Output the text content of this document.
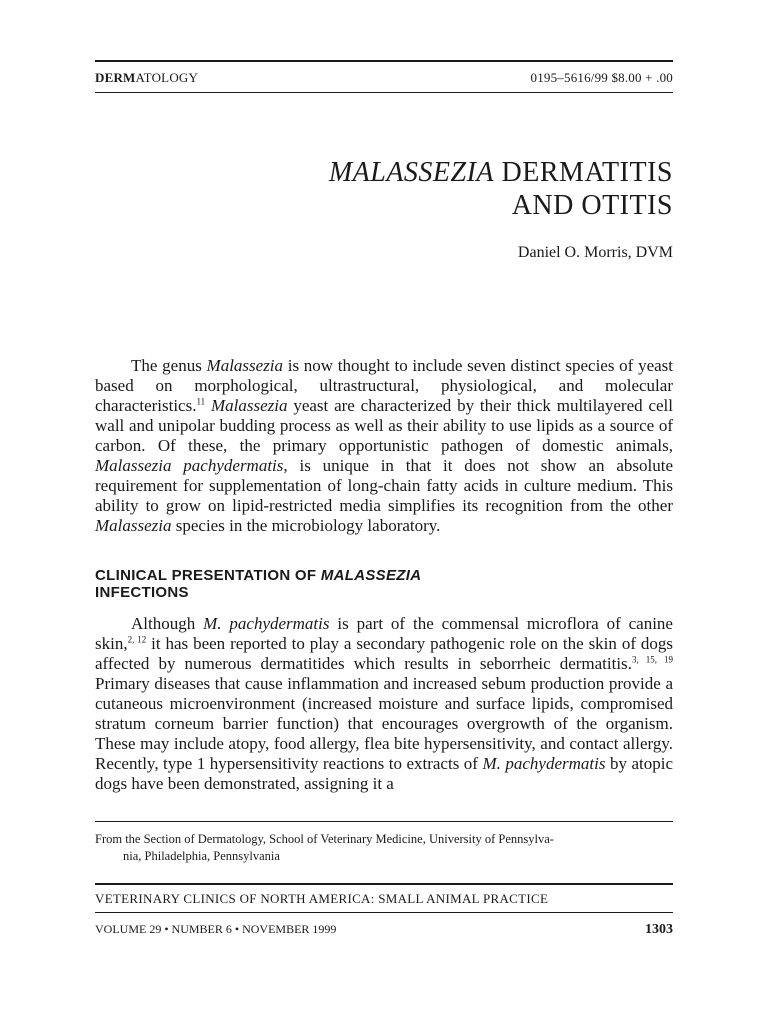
DERMATOLOGY	0195–5616/99 $8.00 + .00
MALASSEZIA DERMATITIS
AND OTITIS
Daniel O. Morris, DVM

The genus Malassezia is now thought to include seven distinct species of yeast based on morphological, ultrastructural, physiological, and molecular characteristics.$^{11}$ Malassezia yeast are characterized by their thick multilayered cell wall and unipolar budding process as well as their ability to use lipids as a source of carbon. Of these, the primary opportunistic pathogen of domestic animals, Malassezia pachydermatis, is unique in that it does not show an absolute requirement for supplementation of long-chain fatty acids in culture medium. This ability to grow on lipid-restricted media simplifies its recognition from the other Malassezia species in the microbiology laboratory.

CLINICAL PRESENTATION OF MALASSEZIA
INFECTIONS

Although M. pachydermatis is part of the commensal microflora of canine skin,$^{2, 12}$ it has been reported to play a secondary pathogenic role on the skin of dogs affected by numerous dermatitides which results in seborrheic dermatitis.$^{3, 15, 19}$ Primary diseases that cause inflammation and increased sebum production provide a cutaneous microenvironment (increased moisture and surface lipids, compromised stratum corneum barrier function) that encourages overgrowth of the organism. These may include atopy, food allergy, flea bite hypersensitivity, and contact allergy. Recently, type 1 hypersensitivity reactions to extracts of M. pachydermatis by atopic dogs have been demonstrated, assigning it a

From the Section of Dermatology, School of Veterinary Medicine, University of Pennsylva-
nia, Philadelphia, Pennsylvania
VETERINARY CLINICS OF NORTH AMERICA: SMALL ANIMAL PRACTICE
VOLUME 29 • NUMBER 6 • NOVEMBER 1999	1303
